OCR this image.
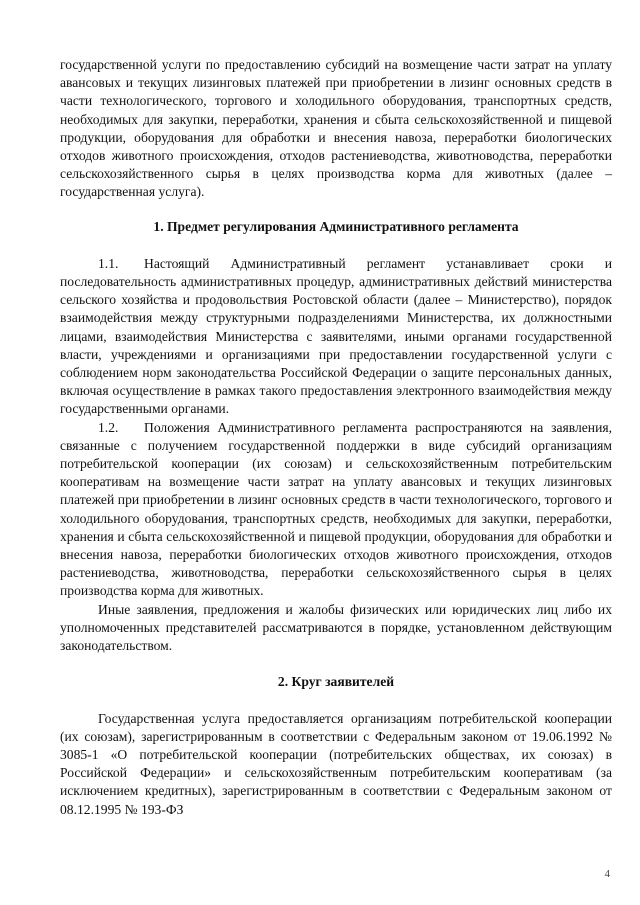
государственной услуги по предоставлению субсидий на возмещение части затрат на уплату авансовых и текущих лизинговых платежей при приобретении в лизинг основных средств в части технологического, торгового и холодильного оборудования, транспортных средств, необходимых для закупки, переработки, хранения и сбыта сельскохозяйственной и пищевой продукции, оборудования для обработки и внесения навоза, переработки биологических отходов животного происхождения, отходов растениеводства, животноводства, переработки сельскохозяйственного сырья в целях производства корма для животных (далее – государственная услуга).

1. Предмет регулирования Административного регламента

1.1. Настоящий Административный регламент устанавливает сроки и последовательность административных процедур, административных действий министерства сельского хозяйства и продовольствия Ростовской области (далее – Министерство), порядок взаимодействия между структурными подразделениями Министерства, их должностными лицами, взаимодействия Министерства с заявителями, иными органами государственной власти, учреждениями и организациями при предоставлении государственной услуги с соблюдением норм законодательства Российской Федерации о защите персональных данных, включая осуществление в рамках такого предоставления электронного взаимодействия между государственными органами.

1.2. Положения Административного регламента распространяются на заявления, связанные с получением государственной поддержки в виде субсидий организациям потребительской кооперации (их союзам) и сельскохозяйственным потребительским кооперативам на возмещение части затрат на уплату авансовых и текущих лизинговых платежей при приобретении в лизинг основных средств в части технологического, торгового и холодильного оборудования, транспортных средств, необходимых для закупки, переработки, хранения и сбыта сельскохозяйственной и пищевой продукции, оборудования для обработки и внесения навоза, переработки биологических отходов животного происхождения, отходов растениеводства, животноводства, переработки сельскохозяйственного сырья в целях производства корма для животных.

Иные заявления, предложения и жалобы физических или юридических лиц либо их уполномоченных представителей рассматриваются в порядке, установленном действующим законодательством.

2. Круг заявителей

Государственная услуга предоставляется организациям потребительской кооперации (их союзам), зарегистрированным в соответствии с Федеральным законом от 19.06.1992 № 3085-1 «О потребительской кооперации (потребительских обществах, их союзах) в Российской Федерации» и сельскохозяйственным потребительским кооперативам (за исключением кредитных), зарегистрированным в соответствии с Федеральным законом от 08.12.1995 № 193-ФЗ

4
